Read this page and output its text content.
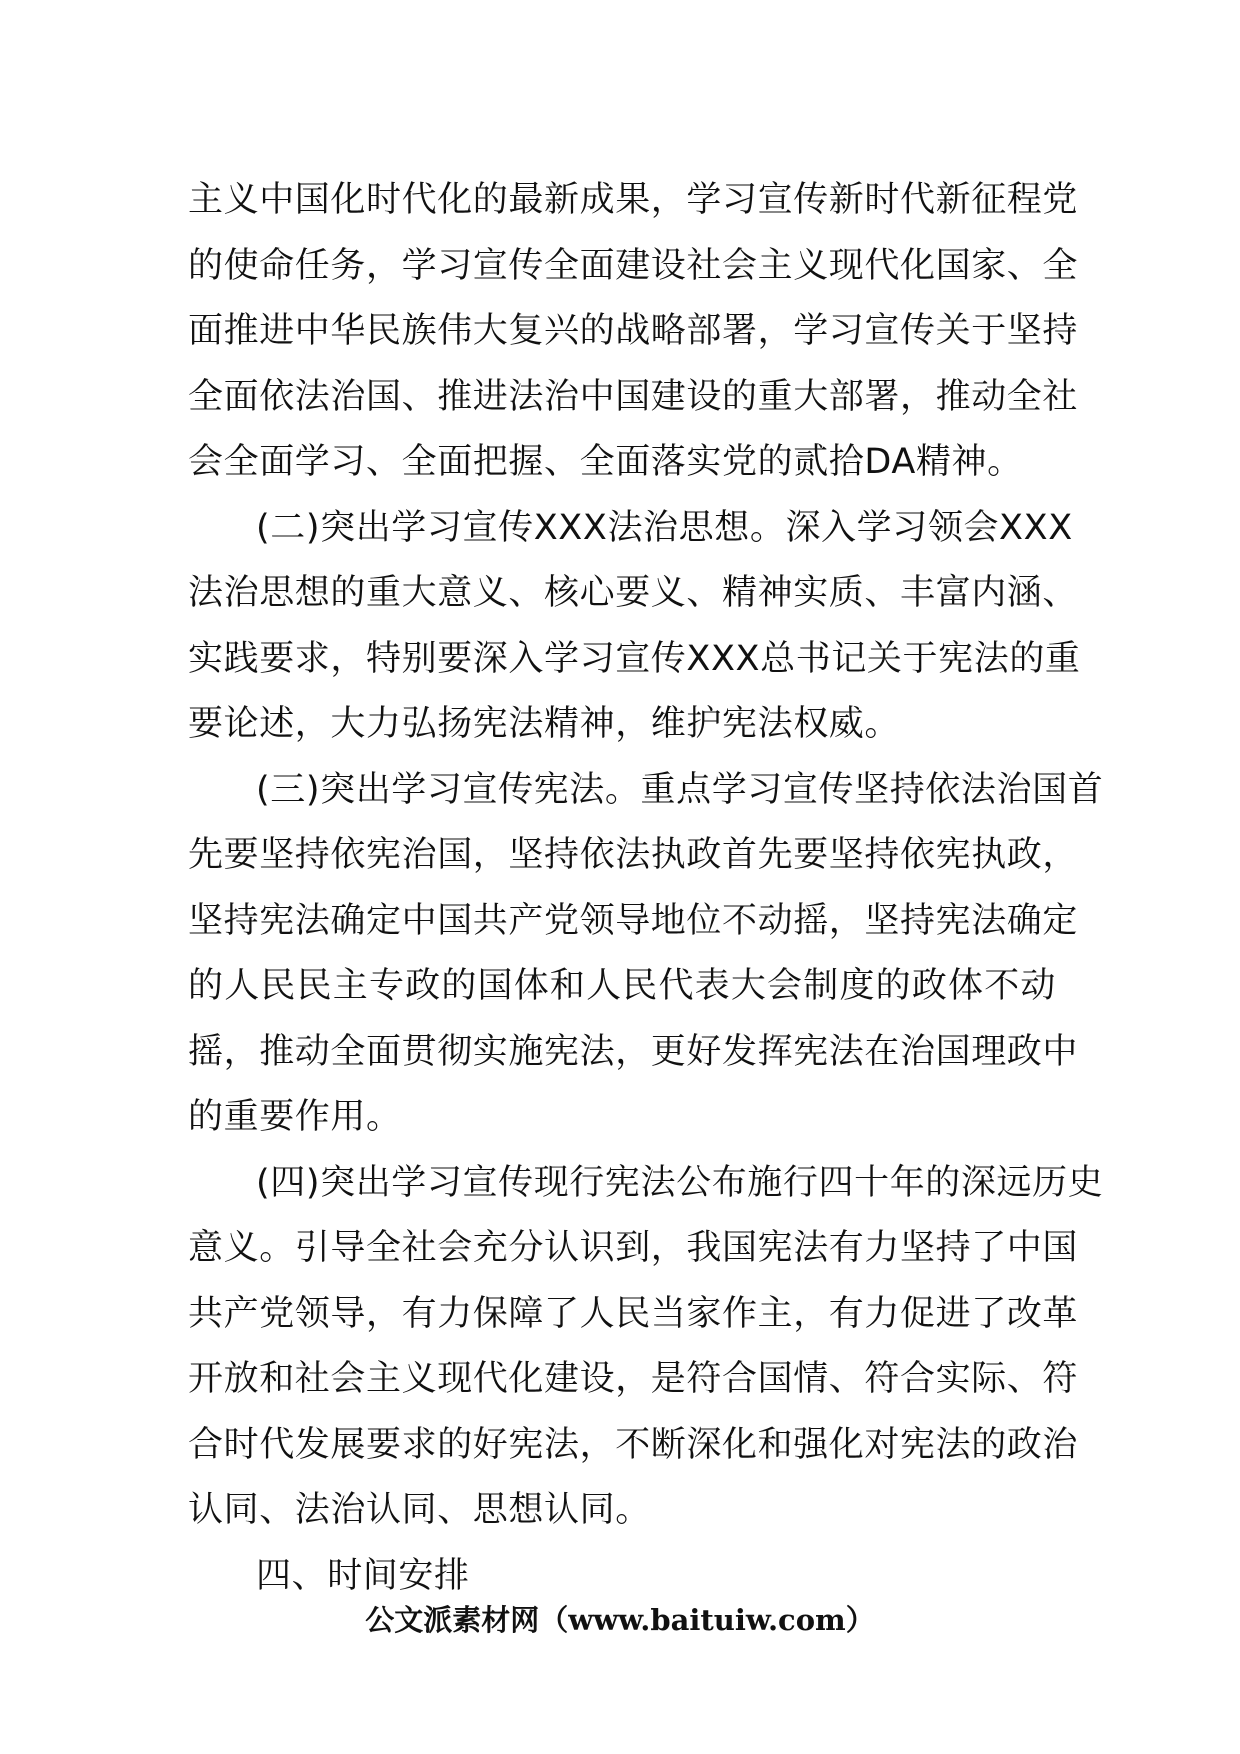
主义中国化时代化的最新成果，学习宣传新时代新征程党
的使命任务，学习宣传全面建设社会主义现代化国家、全
面推进中华民族伟大复兴的战略部署，学习宣传关于坚持
全面依法治国、推进法治中国建设的重大部署，推动全社
会全面学习、全面把握、全面落实党的贰拾DA精神。
(二)突出学习宣传XXX法治思想。深入学习领会XXX
法治思想的重大意义、核心要义、精神实质、丰富内涵、
实践要求，特别要深入学习宣传XXX总书记关于宪法的重
要论述，大力弘扬宪法精神，维护宪法权威。
(三)突出学习宣传宪法。重点学习宣传坚持依法治国首
先要坚持依宪治国，坚持依法执政首先要坚持依宪执政，
坚持宪法确定中国共产党领导地位不动摇，坚持宪法确定
的人民民主专政的国体和人民代表大会制度的政体不动
摇，推动全面贯彻实施宪法，更好发挥宪法在治国理政中
的重要作用。
(四)突出学习宣传现行宪法公布施行四十年的深远历史
意义。引导全社会充分认识到，我国宪法有力坚持了中国
共产党领导，有力保障了人民当家作主，有力促进了改革
开放和社会主义现代化建设，是符合国情、符合实际、符
合时代发展要求的好宪法，不断深化和强化对宪法的政治
认同、法治认同、思想认同。
四、时间安排
公文派素材网（www.baituiw.com）
